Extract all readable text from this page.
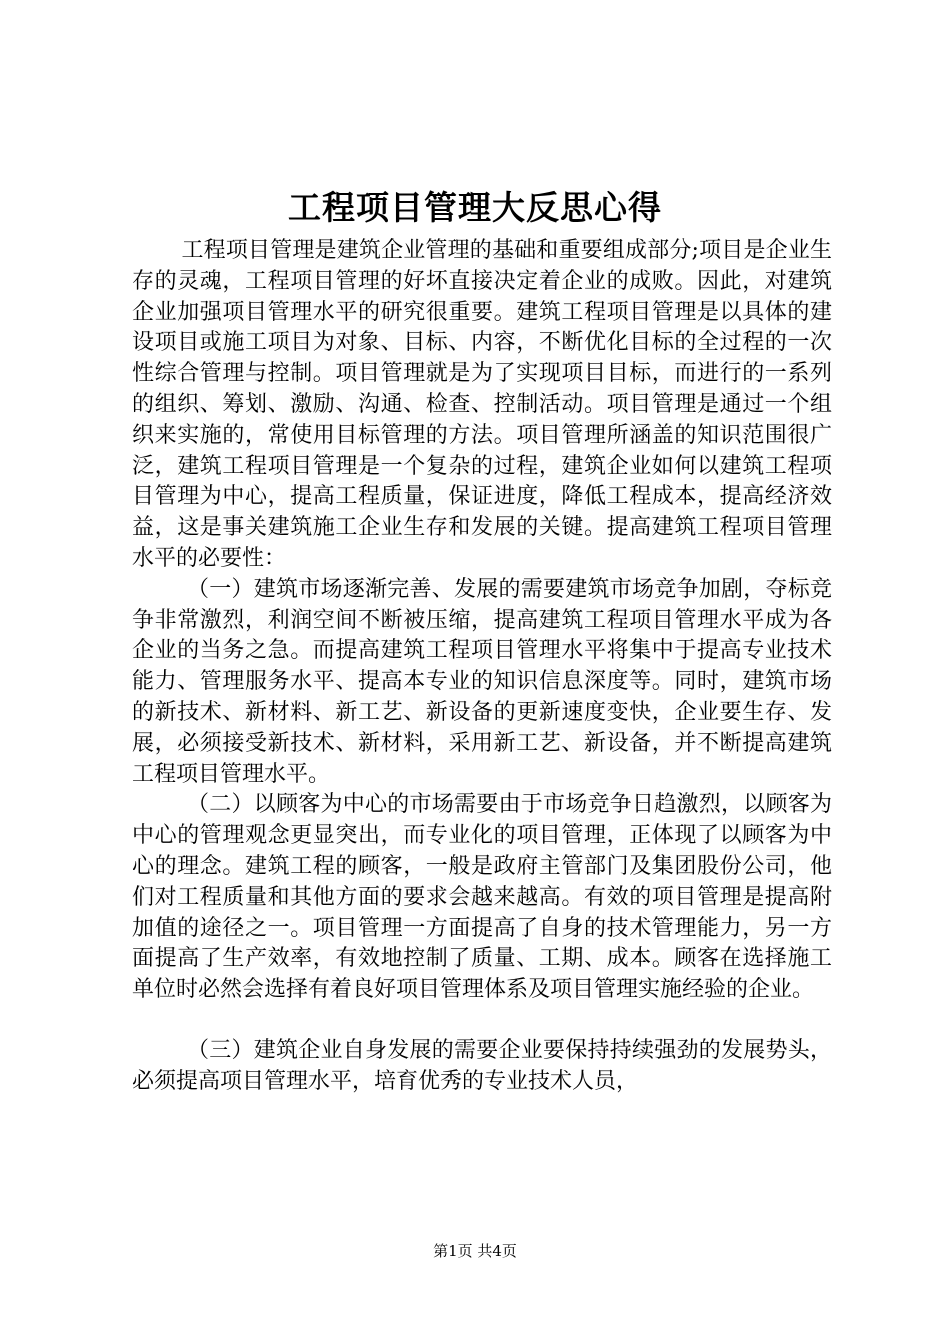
工程项目管理大反思心得

工程项目管理是建筑企业管理的基础和重要组成部分;项目是企业生存的灵魂，工程项目管理的好坏直接决定着企业的成败。因此，对建筑企业加强项目管理水平的研究很重要。建筑工程项目管理是以具体的建设项目或施工项目为对象、目标、内容，不断优化目标的全过程的一次性综合管理与控制。项目管理就是为了实现项目目标，而进行的一系列的组织、筹划、激励、沟通、检查、控制活动。项目管理是通过一个组织来实施的，常使用目标管理的方法。项目管理所涵盖的知识范围很广泛，建筑工程项目管理是一个复杂的过程，建筑企业如何以建筑工程项目管理为中心，提高工程质量，保证进度，降低工程成本，提高经济效益，这是事关建筑施工企业生存和发展的关键。提高建筑工程项目管理水平的必要性：

（一）建筑市场逐渐完善、发展的需要建筑市场竞争加剧，夺标竞争非常激烈，利润空间不断被压缩，提高建筑工程项目管理水平成为各企业的当务之急。而提高建筑工程项目管理水平将集中于提高专业技术能力、管理服务水平、提高本专业的知识信息深度等。同时，建筑市场的新技术、新材料、新工艺、新设备的更新速度变快，企业要生存、发展，必须接受新技术、新材料，采用新工艺、新设备，并不断提高建筑工程项目管理水平。

（二）以顾客为中心的市场需要由于市场竞争日趋激烈，以顾客为中心的管理观念更显突出，而专业化的项目管理，正体现了以顾客为中心的理念。建筑工程的顾客，一般是政府主管部门及集团股份公司，他们对工程质量和其他方面的要求会越来越高。有效的项目管理是提高附加值的途径之一。项目管理一方面提高了自身的技术管理能力，另一方面提高了生产效率，有效地控制了质量、工期、成本。顾客在选择施工单位时必然会选择有着良好项目管理体系及项目管理实施经验的企业。

（三）建筑企业自身发展的需要企业要保持持续强劲的发展势头，必须提高项目管理水平，培育优秀的专业技术人员，

第1页 共4页
